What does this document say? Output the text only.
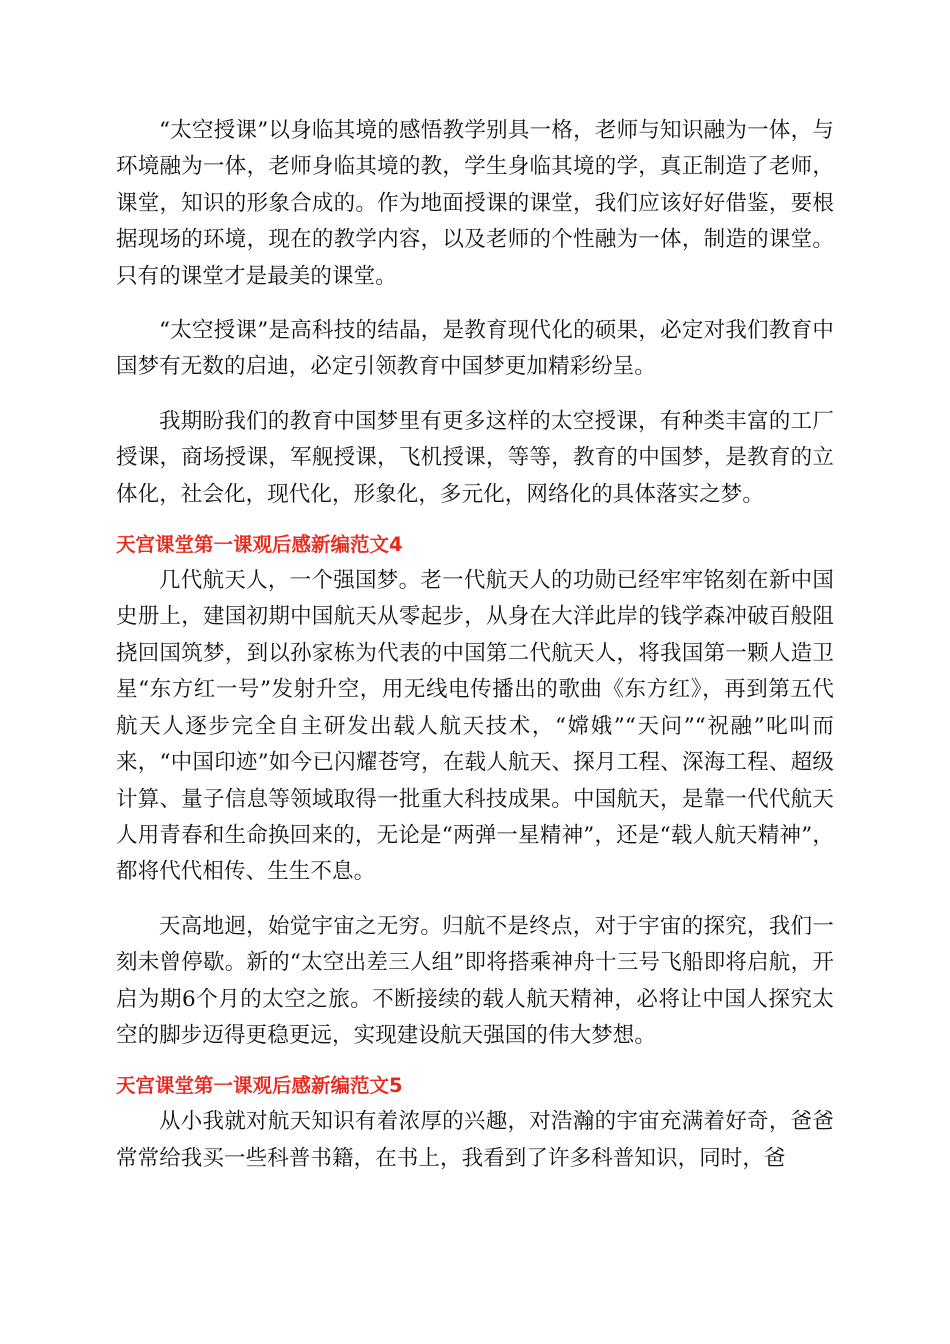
“太空授课”以身临其境的感悟教学别具一格，老师与知识融为一体，与环境融为一体，老师身临其境的教，学生身临其境的学，真正制造了老师，课堂，知识的形象合成的。作为地面授课的课堂，我们应该好好借鉴，要根据现场的环境，现在的教学内容，以及老师的个性融为一体，制造的课堂。只有的课堂才是最美的课堂。

“太空授课”是高科技的结晶，是教育现代化的硕果，必定对我们教育中国梦有无数的启迪，必定引领教育中国梦更加精彩纷呈。

我期盼我们的教育中国梦里有更多这样的太空授课，有种类丰富的工厂授课，商场授课，军舰授课，飞机授课，等等，教育的中国梦，是教育的立体化，社会化，现代化，形象化，多元化，网络化的具体落实之梦。

天宫课堂第一课观后感新编范文4

几代航天人，一个强国梦。老一代航天人的功勋已经牢牢铭刻在新中国史册上，建国初期中国航天从零起步，从身在大洋此岸的钱学森冲破百般阻挠回国筑梦，到以孙家栋为代表的中国第二代航天人，将我国第一颗人造卫星“东方红一号”发射升空，用无线电传播出的歌曲《东方红》，再到第五代航天人逐步完全自主研发出载人航天技术，“嫦娥”“天问”“祝融”叱叫而来，“中国印迹”如今已闪耀苍穹，在载人航天、探月工程、深海工程、超级计算、量子信息等领域取得一批重大科技成果。中国航天，是靠一代代航天人用青春和生命换回来的，无论是“两弹一星精神”，还是“载人航天精神”，都将代代相传、生生不息。

天高地迥，始觉宇宙之无穷。归航不是终点，对于宇宙的探究，我们一刻未曾停歇。新的“太空出差三人组”即将搭乘神舟十三号飞船即将启航，开启为期6个月的太空之旅。不断接续的载人航天精神，必将让中国人探究太空的脚步迈得更稳更远，实现建设航天强国的伟大梦想。

天宫课堂第一课观后感新编范文5

从小我就对航天知识有着浓厚的兴趣，对浩瀚的宇宙充满着好奇，爸爸常常给我买一些科普书籍，在书上，我看到了许多科普知识，同时，爸
